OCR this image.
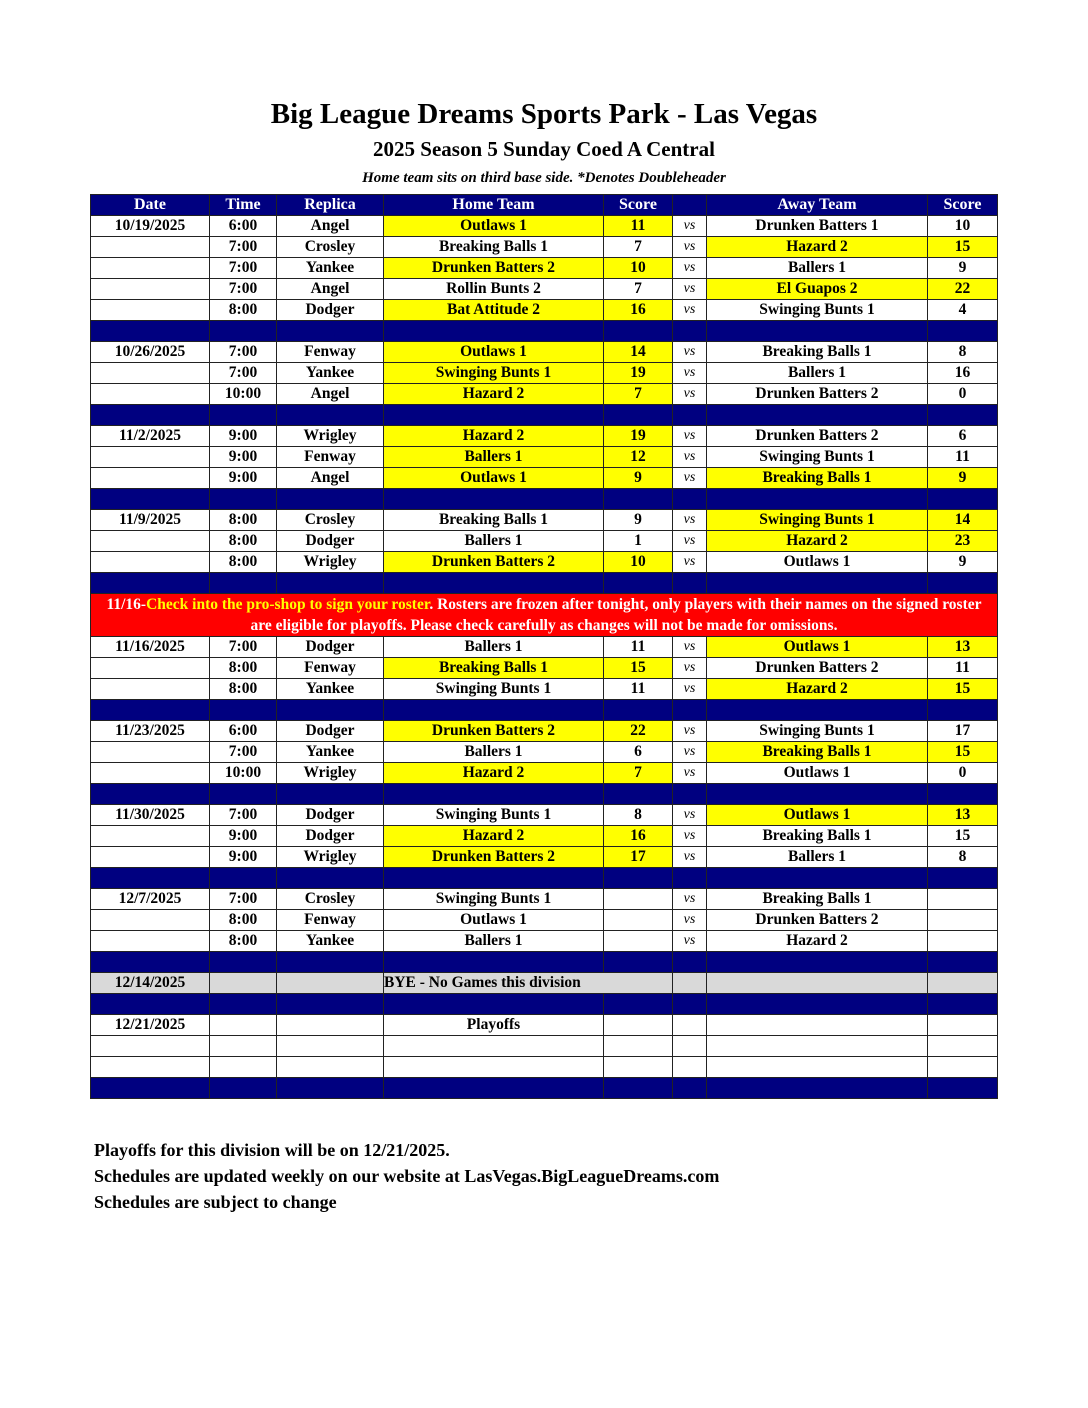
Big League Dreams Sports Park - Las Vegas
2025 Season 5 Sunday Coed A Central
Home team sits on third base side. *Denotes Doubleheader
Date	Time	Replica	Home Team	Score		Away Team	Score
10/19/2025	6:00	Angel	Outlaws 1	11	vs	Drunken Batters 1	10
	7:00	Crosley	Breaking Balls 1	7	vs	Hazard 2	15
	7:00	Yankee	Drunken Batters 2	10	vs	Ballers 1	9
	7:00	Angel	Rollin Bunts 2	7	vs	El Guapos 2	22
	8:00	Dodger	Bat Attitude 2	16	vs	Swinging Bunts 1	4

10/26/2025	7:00	Fenway	Outlaws 1	14	vs	Breaking Balls 1	8
	7:00	Yankee	Swinging Bunts 1	19	vs	Ballers 1	16
	10:00	Angel	Hazard 2	7	vs	Drunken Batters 2	0

11/2/2025	9:00	Wrigley	Hazard 2	19	vs	Drunken Batters 2	6
	9:00	Fenway	Ballers 1	12	vs	Swinging Bunts 1	11
	9:00	Angel	Outlaws 1	9	vs	Breaking Balls 1	9

11/9/2025	8:00	Crosley	Breaking Balls 1	9	vs	Swinging Bunts 1	14
	8:00	Dodger	Ballers 1	1	vs	Hazard 2	23
	8:00	Wrigley	Drunken Batters 2	10	vs	Outlaws 1	9

11/16-Check into the pro-shop to sign your roster. Rosters are frozen after tonight, only players with their names on the signed roster are eligible for playoffs. Please check carefully as changes will not be made for omissions.							
11/16/2025	7:00	Dodger	Ballers 1	11	vs	Outlaws 1	13
	8:00	Fenway	Breaking Balls 1	15	vs	Drunken Batters 2	11
	8:00	Yankee	Swinging Bunts 1	11	vs	Hazard 2	15

11/23/2025	6:00	Dodger	Drunken Batters 2	22	vs	Swinging Bunts 1	17
	7:00	Yankee	Ballers 1	6	vs	Breaking Balls 1	15
	10:00	Wrigley	Hazard 2	7	vs	Outlaws 1	0

11/30/2025	7:00	Dodger	Swinging Bunts 1	8	vs	Outlaws 1	13
	9:00	Dodger	Hazard 2	16	vs	Breaking Balls 1	15
	9:00	Wrigley	Drunken Batters 2	17	vs	Ballers 1	8

12/7/2025	7:00	Crosley	Swinging Bunts 1		vs	Breaking Balls 1	
	8:00	Fenway	Outlaws 1		vs	Drunken Batters 2	
	8:00	Yankee	Ballers 1		vs	Hazard 2	

12/14/2025			BYE - No Games this division				

12/21/2025			Playoffs				

Playoffs for this division will be on 12/21/2025.
Schedules are updated weekly on our website at LasVegas.BigLeagueDreams.com
Schedules are subject to change
